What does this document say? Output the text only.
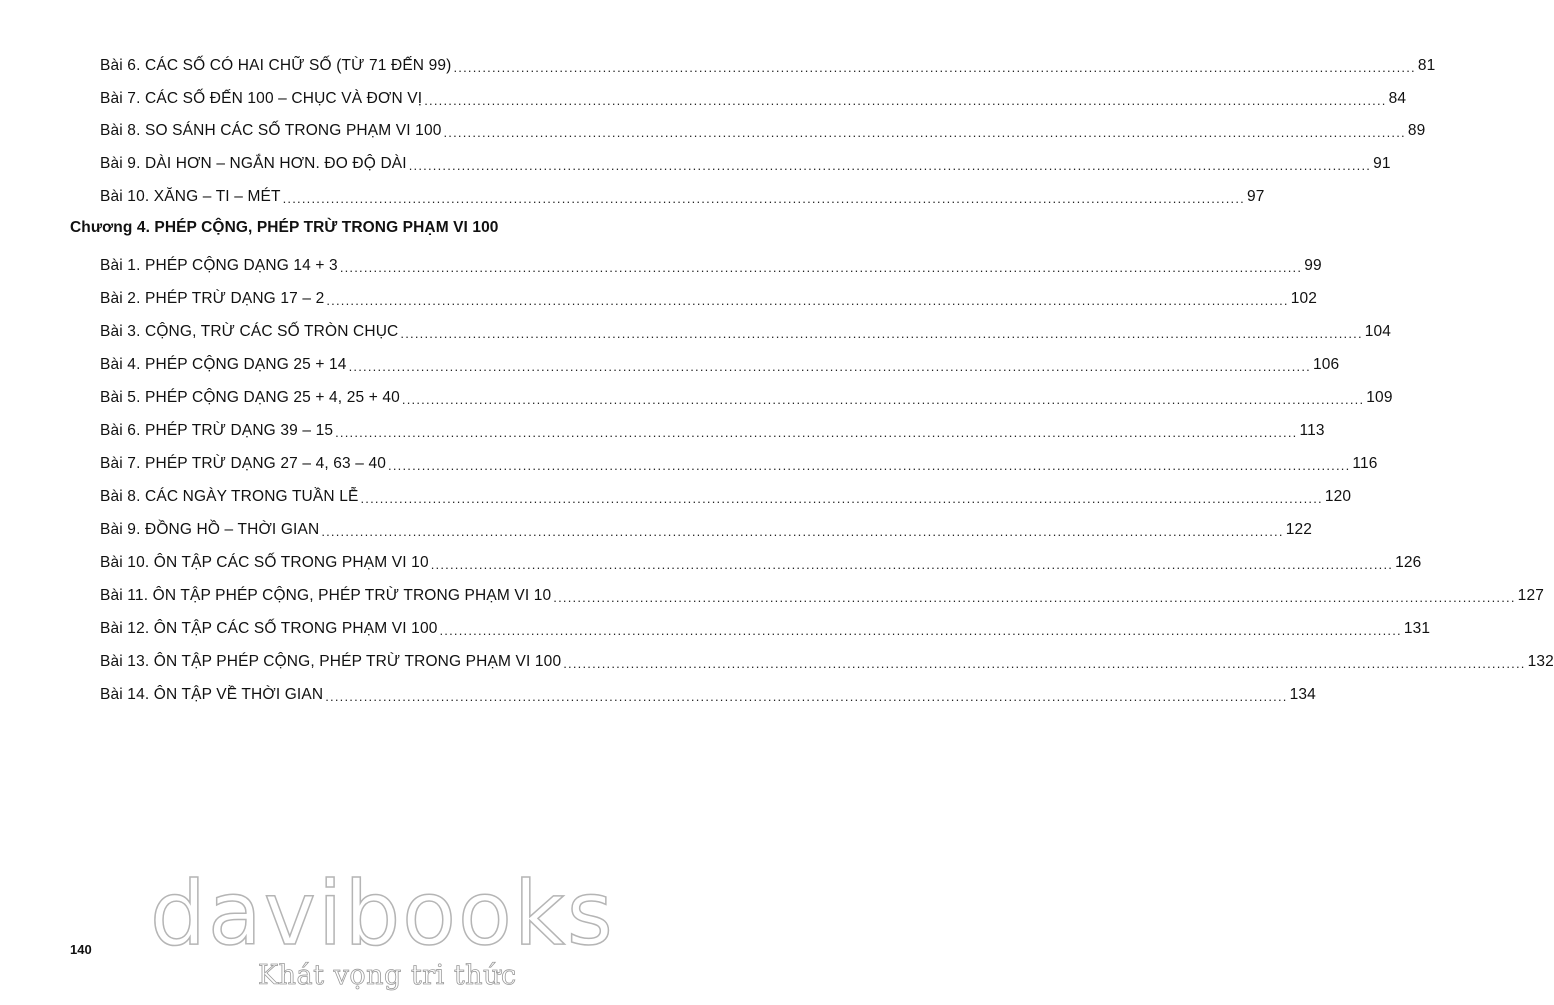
Bài 6. CÁC SỐ CÓ HAI CHỮ SỐ (TỪ 71 ĐẾN 99) ........................................................................................................................................................................................................ 81
Bài 7. CÁC SỐ ĐẾN 100 – CHỤC VÀ ĐƠN VỊ ........................................................................................................................................................................................................ 84
Bài 8. SO SÁNH CÁC SỐ TRONG PHẠM VI 100 ........................................................................................................................................................................................................ 89
Bài 9. DÀI HƠN – NGẮN HƠN. ĐO ĐỘ DÀI ........................................................................................................................................................................................................ 91
Bài 10. XĂNG – TI – MÉT ........................................................................................................................................................................................................ 97
Chương 4. PHÉP CỘNG, PHÉP TRỪ TRONG PHẠM VI 100
Bài 1. PHÉP CỘNG DẠNG 14 + 3 ........................................................................................................................................................................................................ 99
Bài 2. PHÉP TRỪ DẠNG 17 – 2 ........................................................................................................................................................................................................ 102
Bài 3. CỘNG, TRỪ CÁC SỐ TRÒN CHỤC ........................................................................................................................................................................................................ 104
Bài 4. PHÉP CỘNG DẠNG 25 + 14 ........................................................................................................................................................................................................ 106
Bài 5. PHÉP CỘNG DẠNG 25 + 4, 25 + 40 ........................................................................................................................................................................................................ 109
Bài 6. PHÉP TRỪ DẠNG 39 – 15 ........................................................................................................................................................................................................ 113
Bài 7. PHÉP TRỪ DẠNG 27 – 4, 63 – 40 ........................................................................................................................................................................................................ 116
Bài 8. CÁC NGÀY TRONG TUẦN LỄ ........................................................................................................................................................................................................ 120
Bài 9. ĐỒNG HỒ – THỜI GIAN ........................................................................................................................................................................................................ 122
Bài 10. ÔN TẬP CÁC SỐ TRONG PHẠM VI 10 ........................................................................................................................................................................................................ 126
Bài 11. ÔN TẬP PHÉP CỘNG, PHÉP TRỪ TRONG PHẠM VI 10 ........................................................................................................................................................................................................ 127
Bài 12. ÔN TẬP CÁC SỐ TRONG PHẠM VI 100 ........................................................................................................................................................................................................ 131
Bài 13. ÔN TẬP PHÉP CỘNG, PHÉP TRỪ TRONG PHẠM VI 100 ........................................................................................................................................................................................................ 132
Bài 14. ÔN TẬP VỀ THỜI GIAN ........................................................................................................................................................................................................ 134
davibooks
Khát vọng tri thức
140
